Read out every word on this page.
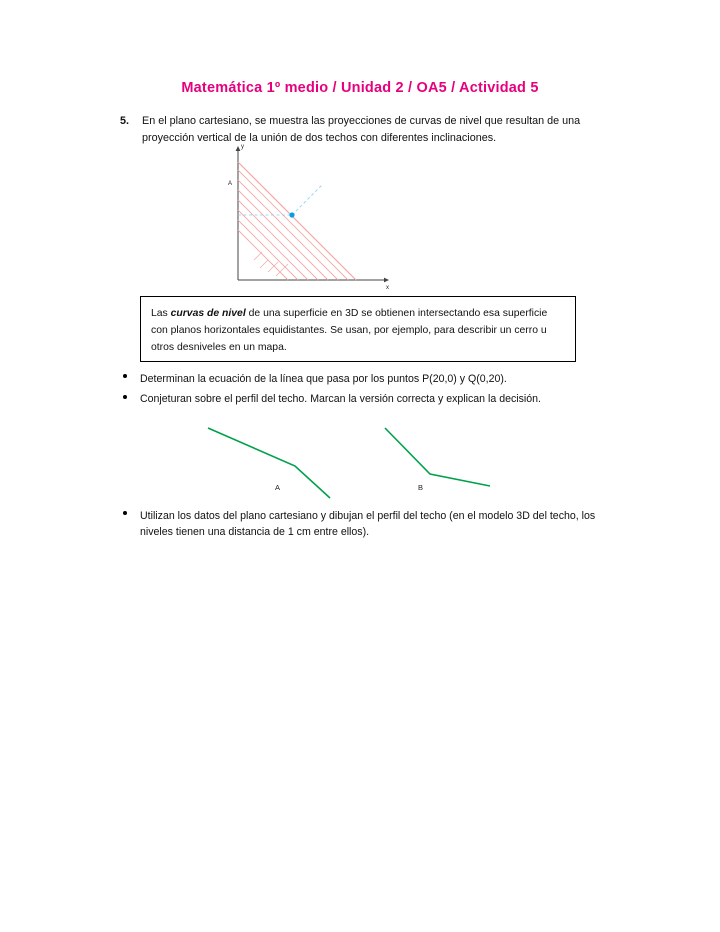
Matemática 1º medio / Unidad 2 / OA5 / Actividad 5
5.	En el plano cartesiano, se muestra las proyecciones de curvas de nivel que resultan de una proyección vertical de la unión de dos techos con diferentes inclinaciones.
y
x
A
Las curvas de nivel de una superficie en 3D se obtienen intersectando esa superficie con planos horizontales equidistantes. Se usan, por ejemplo, para describir un cerro u otros desniveles en un mapa.
Determinan la ecuación de la línea que pasa por los puntos P(20,0) y Q(0,20).
Conjeturan sobre el perfil del techo. Marcan la versión correcta y explican la decisión.
A	B
Utilizan los datos del plano cartesiano y dibujan el perfil del techo (en el modelo 3D del techo, los niveles tienen una distancia de 1 cm entre ellos).
